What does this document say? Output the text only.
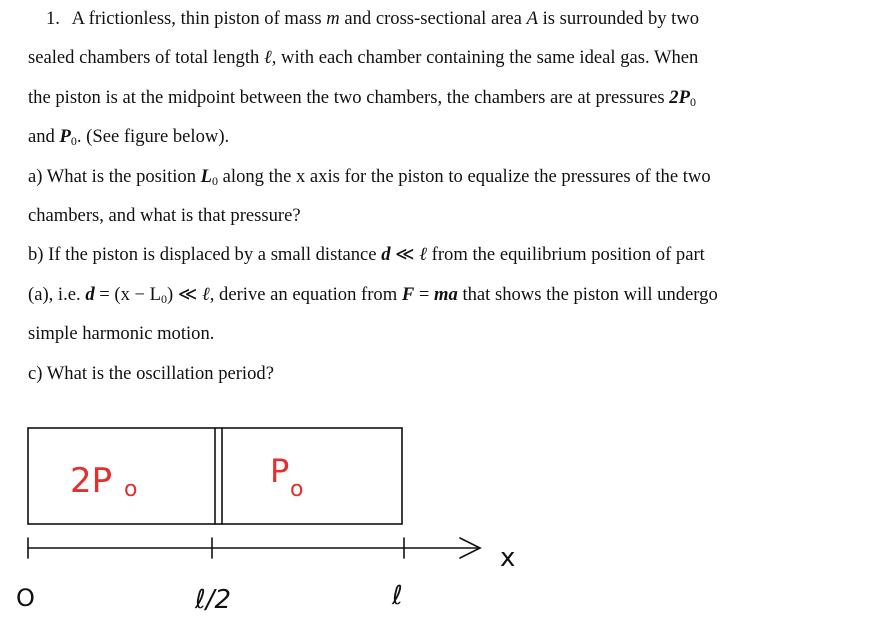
1. A frictionless, thin piston of mass m and cross-sectional area A is surrounded by two
sealed chambers of total length ℓ, with each chamber containing the same ideal gas. When
the piston is at the midpoint between the two chambers, the chambers are at pressures $2P_0$
and $P_0$. (See figure below).
a) What is the position $L_0$ along the x axis for the piston to equalize the pressures of the two
chambers, and what is that pressure?
b) If the piston is displaced by a small distance d ≪ ℓ from the equilibrium position of part
(a), i.e. $d = (x - L_0)$ ≪ ℓ, derive an equation from F = ma that shows the piston will undergo
simple harmonic motion.
c) What is the oscillation period?
2P o	P o
x
O	ℓ/2	ℓ
